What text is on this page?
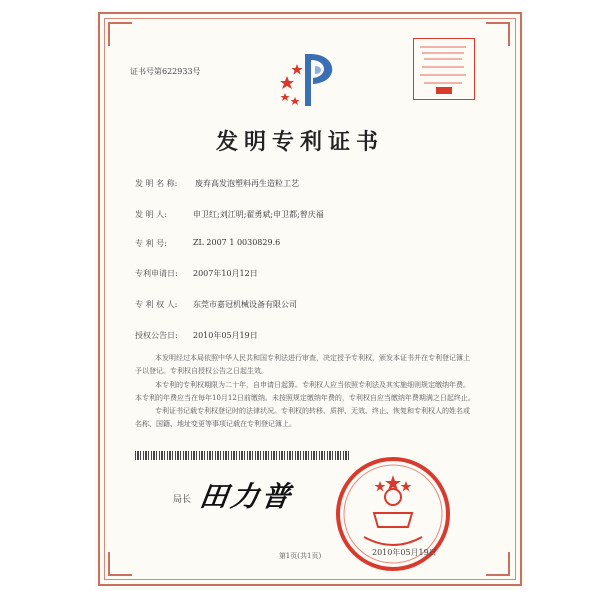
证书号第622933号
发明专利证书
发 明 名 称: 废弃高发泡塑料再生造粒工艺
发 明 人:	申卫红;刘江明;翟勇斌;申卫都;曾庆福
专 利 号:	ZL 2007 1 0030829.6
专利申请日: 2007年10月12日
专 利 权 人: 东莞市嘉冠机械设备有限公司
授权公告日: 2010年05月19日
本发明经过本局依照中华人民共和国专利法进行审查，决定授予专利权，颁发本证书并在专利登记簿上予以登记。专利权自授权公告之日起生效。
本专利的专利权期限为二十年，自申请日起算。专利权人应当依照专利法及其实施细则规定缴纳年费。本专利的年费应当在每年10月12日前缴纳。未按照规定缴纳年费的，专利权自应当缴纳年费期满之日起终止。
专利证书记载专利权登记时的法律状况。专利权的转移、质押、无效、终止、恢复和专利权人的姓名或名称、国籍、地址变更等事项记载在专利登记簿上。
局长 田力普
2010年05月19日
第1页(共1页)
